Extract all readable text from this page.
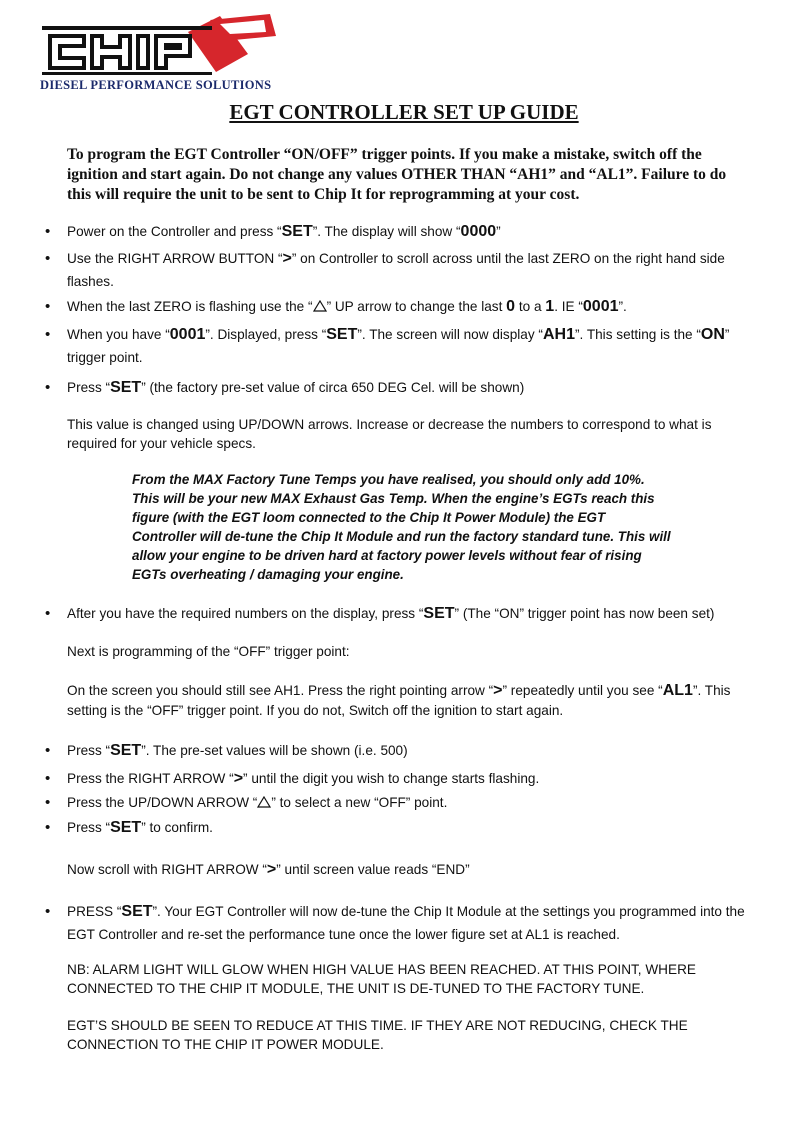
DIESEL PERFORMANCE SOLUTIONS
EGT CONTROLLER SET UP GUIDE
To program the EGT Controller “ON/OFF” trigger points. If you make a mistake, switch off the ignition and start again. Do not change any values OTHER THAN “AH1” and “AL1”. Failure to do this will require the unit to be sent to Chip It for reprogramming at your cost.
• Power on the Controller and press “SET”. The display will show “0000”
• Use the RIGHT ARROW BUTTON “>” on Controller to scroll across until the last ZERO on the right hand side flashes.
• When the last ZERO is flashing use the “ ” UP arrow to change the last 0 to a 1. IE “0001”.
• When you have “0001”. Displayed, press “SET”. The screen will now display “AH1”. This setting is the “ON” trigger point.
• Press “SET” (the factory pre-set value of circa 650 DEG Cel. will be shown)
This value is changed using UP/DOWN arrows. Increase or decrease the numbers to correspond to what is required for your vehicle specs.
From the MAX Factory Tune Temps you have realised, you should only add 10%. This will be your new MAX Exhaust Gas Temp. When the engine’s EGTs reach this figure (with the EGT loom connected to the Chip It Power Module) the EGT Controller will de-tune the Chip It Module and run the factory standard tune. This will allow your engine to be driven hard at factory power levels without fear of rising EGTs overheating / damaging your engine.
• After you have the required numbers on the display, press “SET” (The “ON” trigger point has now been set)
Next is programming of the “OFF” trigger point:
On the screen you should still see AH1. Press the right pointing arrow “>” repeatedly until you see “AL1”. This setting is the “OFF” trigger point. If you do not, Switch off the ignition to start again.
• Press “SET”. The pre-set values will be shown (i.e. 500)
• Press the RIGHT ARROW “>” until the digit you wish to change starts flashing.
• Press the UP/DOWN ARROW “ ” to select a new “OFF” point.
• Press “SET” to confirm.
Now scroll with RIGHT ARROW “>” until screen value reads “END”
• PRESS “SET”. Your EGT Controller will now de-tune the Chip It Module at the settings you programmed into the EGT Controller and re-set the performance tune once the lower figure set at AL1 is reached.
NB: ALARM LIGHT WILL GLOW WHEN HIGH VALUE HAS BEEN REACHED. AT THIS POINT, WHERE CONNECTED TO THE CHIP IT MODULE, THE UNIT IS DE-TUNED TO THE FACTORY TUNE.
EGT’S SHOULD BE SEEN TO REDUCE AT THIS TIME. IF THEY ARE NOT REDUCING, CHECK THE CONNECTION TO THE CHIP IT POWER MODULE.
